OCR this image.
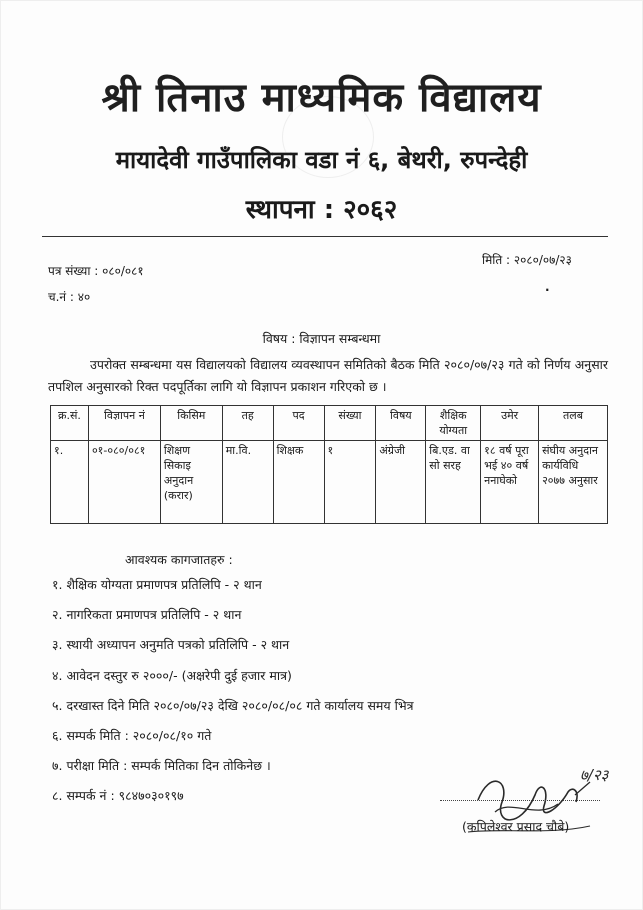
श्री तिनाउ माध्यमिक विद्यालय
मायादेवी गाउँपालिका वडा नं ६, बेथरी, रुपन्देही
स्थापना : २०६२
पत्र संख्या : ०८०/०८१
मिति : २०८०/०७/२३
च.नं : ४०
.
विषय : विज्ञापन सम्बन्धमा
उपरोक्त सम्बन्धमा यस विद्यालयको विद्यालय व्यवस्थापन समितिको बैठक मिति २०८०/०७/२३ गते को निर्णय अनुसार तपशिल अनुसारको रिक्त पदपूर्तिका लागि यो विज्ञापन प्रकाशन गरिएको छ ।
क्र.सं.	विज्ञापन नं	किसिम	तह	पद	संख्या	विषय	शैक्षिक योग्यता	उमेर	तलब
१.	०१-०८०/०८१	शिक्षण सिकाइ अनुदान (करार)	मा.वि.	शिक्षक	१	अंग्रेजी	बि.एड. वा सो सरह	१८ वर्ष पूरा भई ४० वर्ष ननाघेको	संघीय अनुदान कार्यविधि २०७७ अनुसार
आवश्यक कागजातहरु :
१. शैक्षिक योग्यता प्रमाणपत्र प्रतिलिपि - २ थान
२. नागरिकता प्रमाणपत्र प्रतिलिपि - २ थान
३. स्थायी अध्यापन अनुमति पत्रको प्रतिलिपि - २ थान
४. आवेदन दस्तुर रु २०००/- (अक्षरेपी दुई हजार मात्र)
५. दरखास्त दिने मिति २०८०/०७/२३ देखि २०८०/०८/०८ गते कार्यालय समय भित्र
६. सम्पर्क मिति : २०८०/०८/१० गते
७. परीक्षा मिति : सम्पर्क मितिका दिन तोकिनेछ ।
८. सम्पर्क नं : ९८४७०३०१९७
७/२३
(कपिलेश्वर प्रसाद चौबे)
